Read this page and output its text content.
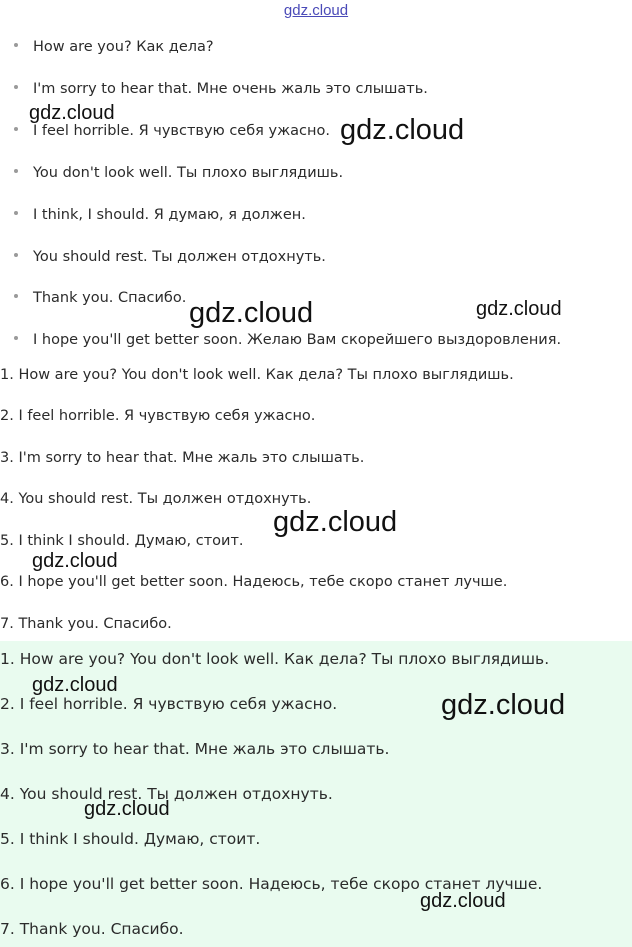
gdz.cloud
How are you? Как дела?
I'm sorry to hear that. Мне очень жаль это слышать.
I feel horrible. Я чувствую себя ужасно.
You don't look well. Ты плохо выглядишь.
I think, I should. Я думаю, я должен.
You should rest. Ты должен отдохнуть.
Thank you. Спасибо.
I hope you'll get better soon. Желаю Вам скорейшего выздоровления.
1. How are you? You don't look well. Как дела? Ты плохо выглядишь.
2. I feel horrible. Я чувствую себя ужасно.
3. I'm sorry to hear that. Мне жаль это слышать.
4. You should rest. Ты должен отдохнуть.
5. I think I should. Думаю, стоит.
6. I hope you'll get better soon. Надеюсь, тебе скоро станет лучше.
7. Thank you. Спасибо.
1. How are you? You don't look well. Как дела? Ты плохо выглядишь.
2. I feel horrible. Я чувствую себя ужасно.
3. I'm sorry to hear that. Мне жаль это слышать.
4. You should rest. Ты должен отдохнуть.
5. I think I should. Думаю, стоит.
6. I hope you'll get better soon. Надеюсь, тебе скоро станет лучше.
7. Thank you. Спасибо.
gdz.cloud
gdz.cloud
gdz.cloud	gdz.cloud
gdz.cloud
gdz.cloud
gdz.cloud
gdz.cloud
gdz.cloud
gdz.cloud
